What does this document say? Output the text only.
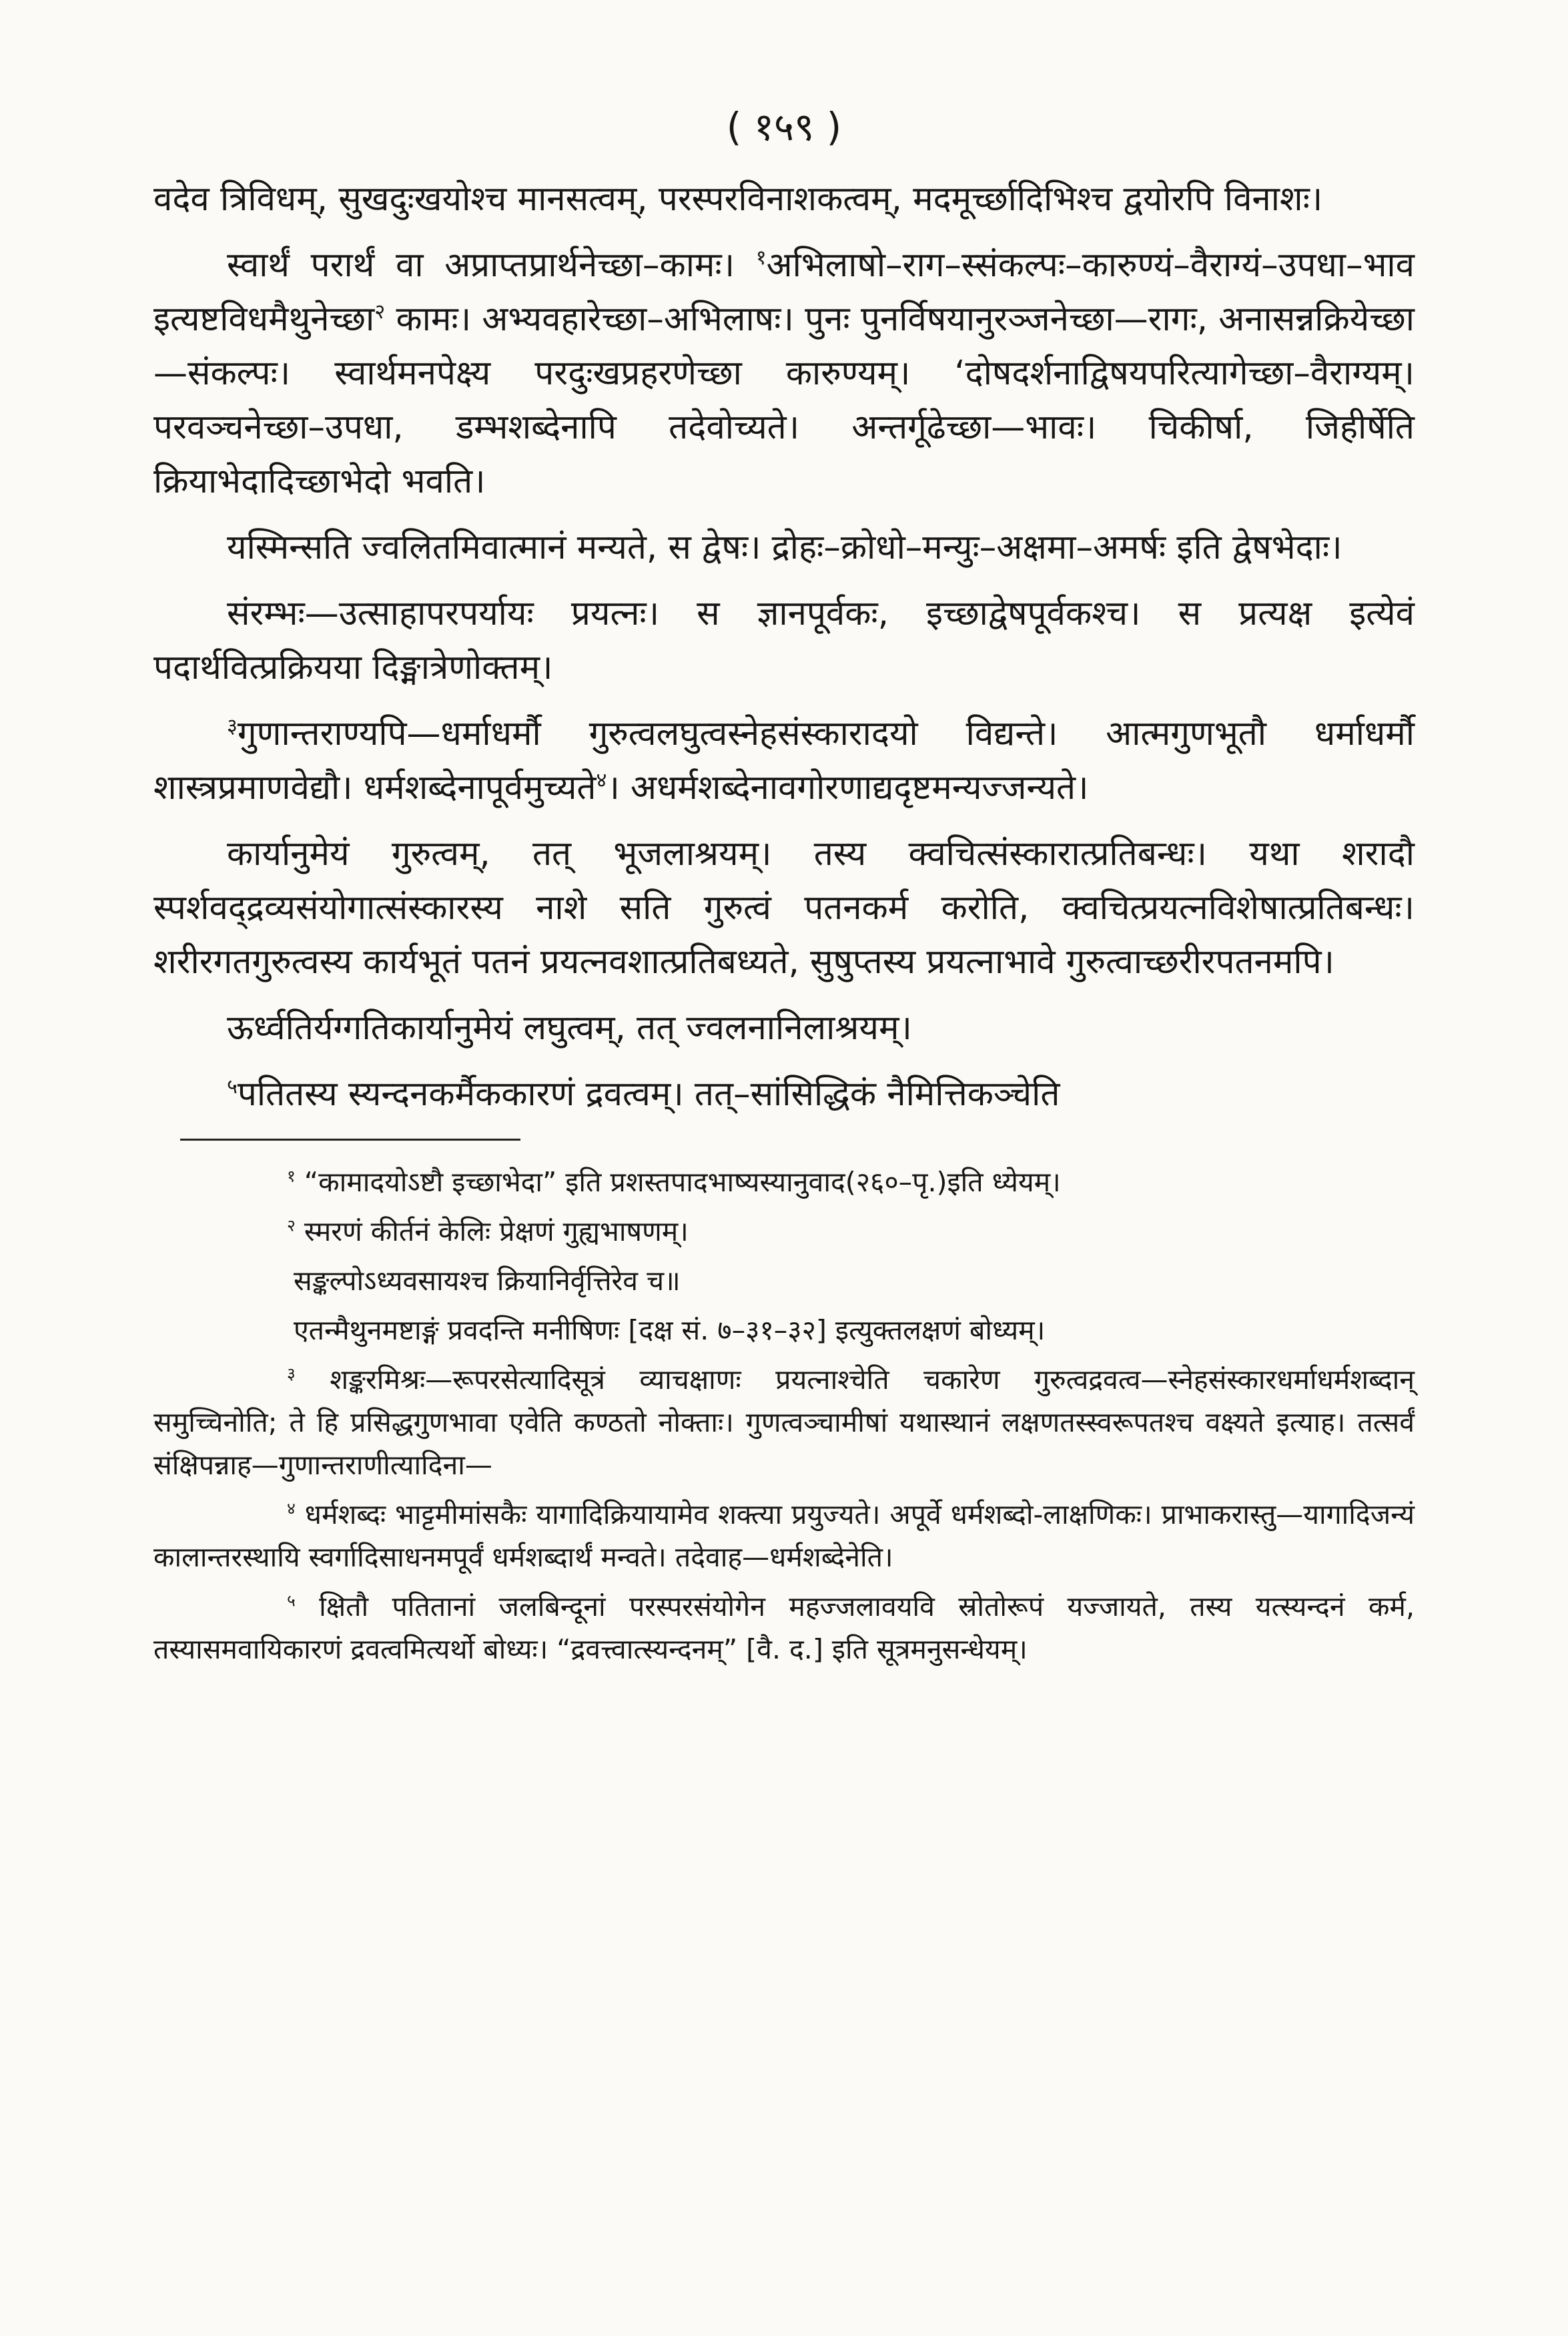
( १५९ )

वदेव त्रिविधम्, सुखदुःखयोश्च मानसत्वम्, परस्परविनाशकत्वम्, मदमूर्च्छादिभिश्च द्वयोरपि विनाशः।

स्वार्थं परार्थं वा अप्राप्तप्रार्थनेच्छा–कामः। $^१$अभिलाषो–राग–स्संकल्पः–कारुण्यं–वैराग्यं–उपधा–भाव इत्यष्टविधमैथुनेच्छा$^२$ कामः। अभ्यवहारेच्छा–अभिलाषः। पुनः पुनर्विषयानुरञ्जनेच्छा—रागः, अनासन्नक्रियेच्छा—संकल्पः। स्वार्थमनपेक्ष्य परदुःखप्रहरणेच्छा कारुण्यम्। ‘दोषदर्शनाद्विषयपरित्यागेच्छा–वैराग्यम्। परवञ्चनेच्छा–उपधा, डम्भशब्देनापि तदेवोच्यते। अन्तर्गूढेच्छा—भावः। चिकीर्षा, जिहीर्षेति क्रियाभेदादिच्छाभेदो भवति।

यस्मिन्सति ज्वलितमिवात्मानं मन्यते, स द्वेषः। द्रोहः–क्रोधो–मन्युः–अक्षमा–अमर्षः इति द्वेषभेदाः।

संरम्भः—उत्साहापरपर्यायः प्रयत्नः। स ज्ञानपूर्वकः, इच्छाद्वेषपूर्वकश्च। स प्रत्यक्ष इत्येवं पदार्थवित्प्रक्रियया दिङ्मात्रेणोक्तम्।

$^३$गुणान्तराण्यपि—धर्माधर्मौ गुरुत्वलघुत्वस्नेहसंस्कारादयो विद्यन्ते। आत्मगुणभूतौ धर्माधर्मौ शास्त्रप्रमाणवेद्यौ। धर्मशब्देनापूर्वमुच्यते$^४$। अधर्मशब्देनावगोरणाद्यदृष्टमन्यज्जन्यते।

कार्यानुमेयं गुरुत्वम्, तत् भूजलाश्रयम्। तस्य क्वचित्संस्कारात्प्रतिबन्धः। यथा शरादौ स्पर्शवद्द्रव्यसंयोगात्संस्कारस्य नाशे सति गुरुत्वं पतनकर्म करोति, क्वचित्प्रयत्नविशेषात्प्रतिबन्धः। शरीरगतगुरुत्वस्य कार्यभूतं पतनं प्रयत्नवशात्प्रतिबध्यते, सुषुप्तस्य प्रयत्नाभावे गुरुत्वाच्छरीरपतनमपि।

ऊर्ध्वतिर्यग्गतिकार्यानुमेयं लघुत्वम्, तत् ज्वलनानिलाश्रयम्।

$^५$पतितस्य स्यन्दनकर्मैककारणं द्रवत्वम्। तत्–सांसिद्धिकं नैमित्तिकञ्चेति

$^१$ “कामादयोऽष्टौ इच्छाभेदा” इति प्रशस्तपादभाष्यस्यानुवाद(२६०–पृ.)इति ध्येयम्।

$^२$ स्मरणं कीर्तनं केलिः प्रेक्षणं गुह्यभाषणम्।

सङ्कल्पोऽध्यवसायश्च क्रियानिर्वृत्तिरेव च॥

एतन्मैथुनमष्टाङ्गं प्रवदन्ति मनीषिणः [दक्ष सं. ७–३१–३२] इत्युक्तलक्षणं बोध्यम्।

$^३$ शङ्करमिश्रः—रूपरसेत्यादिसूत्रं व्याचक्षाणः प्रयत्नाश्चेति चकारेण गुरुत्वद्रवत्व—स्नेहसंस्कारधर्माधर्मशब्दान् समुच्चिनोति; ते हि प्रसिद्धगुणभावा एवेति कण्ठतो नोक्ताः। गुणत्वञ्चामीषां यथास्थानं लक्षणतस्स्वरूपतश्च वक्ष्यते इत्याह। तत्सर्वं संक्षिपन्नाह—गुणान्तराणीत्यादिना—

$^४$ धर्मशब्दः भाट्टमीमांसकैः यागादिक्रियायामेव शक्त्या प्रयुज्यते। अपूर्वे धर्मशब्दो-लाक्षणिकः। प्राभाकरास्तु—यागादिजन्यं कालान्तरस्थायि स्वर्गादिसाधनमपूर्वं धर्मशब्दार्थं मन्वते। तदेवाह—धर्मशब्देनेति।

$^५$ क्षितौ पतितानां जलबिन्दूनां परस्परसंयोगेन महज्जलावयवि स्रोतोरूपं यज्जायते, तस्य यत्स्यन्दनं कर्म, तस्यासमवायिकारणं द्रवत्वमित्यर्थो बोध्यः। “द्रवत्त्वात्स्यन्दनम्” [वै. द.] इति सूत्रमनुसन्धेयम्।
